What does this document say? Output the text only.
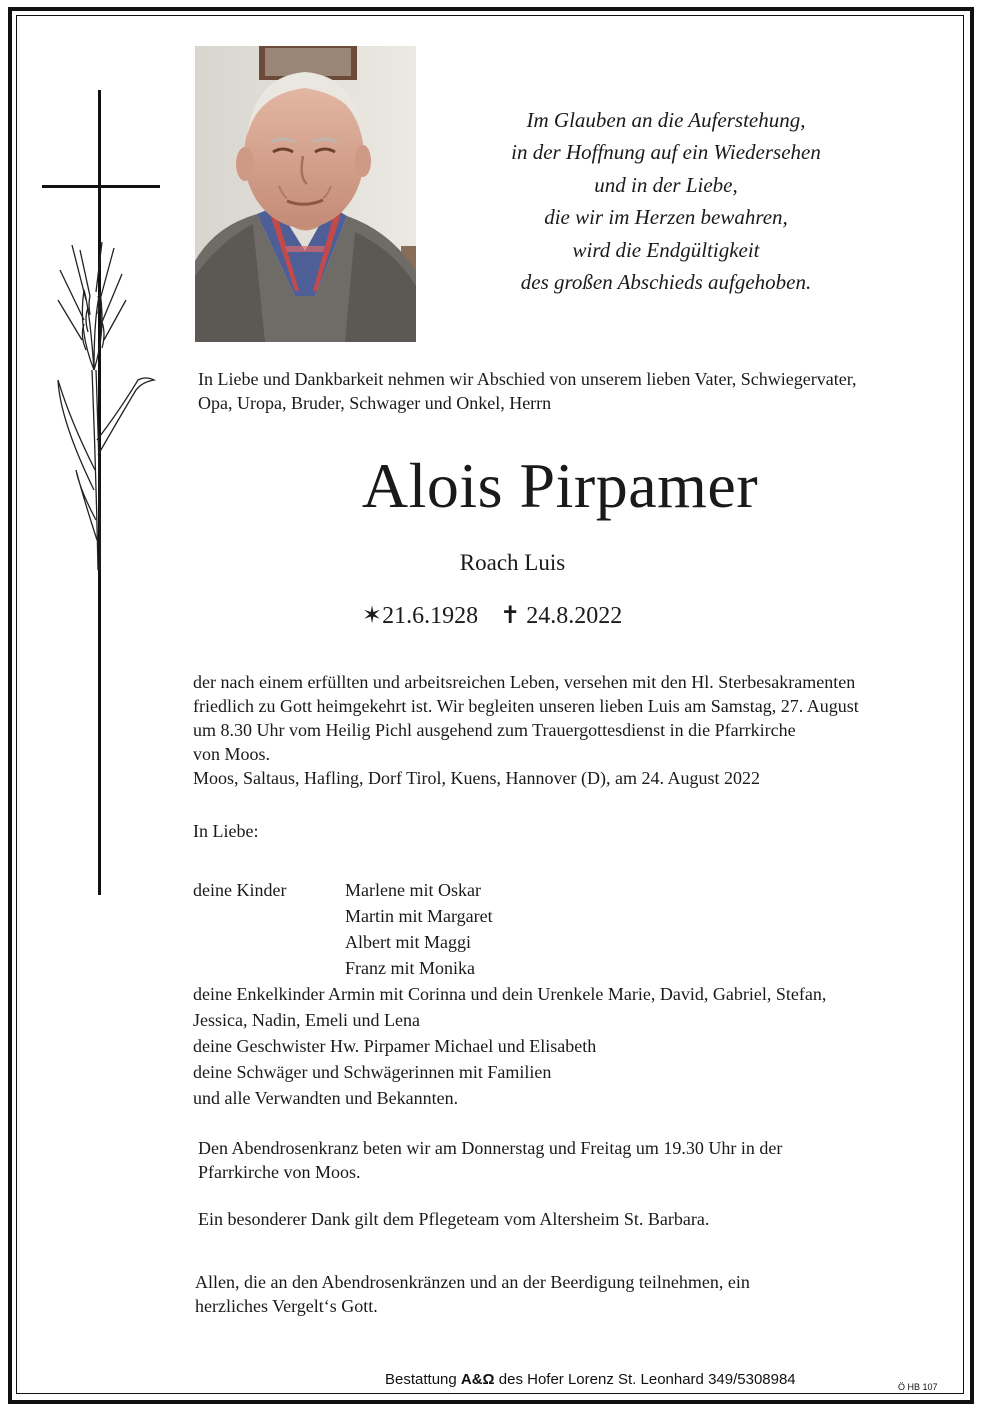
Im Glauben an die Auferstehung,
in der Hoffnung auf ein Wiedersehen
und in der Liebe,
die wir im Herzen bewahren,
wird die Endgültigkeit
des großen Abschieds aufgehoben.
In Liebe und Dankbarkeit nehmen wir Abschied von unserem lieben Vater, Schwiegervater,
Opa, Uropa, Bruder, Schwager und Onkel, Herrn
Alois Pirpamer
Roach Luis
✶21.6.1928 ✝ 24.8.2022

der nach einem erfüllten und arbeitsreichen Leben, versehen mit den Hl. Sterbesakramenten

friedlich zu Gott heimgekehrt ist. Wir begleiten unseren lieben Luis am Samstag, 27. August

um 8.30 Uhr vom Heilig Pichl ausgehend zum Trauergottesdienst in die Pfarrkirche

von Moos.

Moos, Saltaus, Hafling, Dorf Tirol, Kuens, Hannover (D), am 24. August 2022

In Liebe:
deine Kinder	Marlene mit Oskar
Martin mit Margaret
Albert mit Maggi
Franz mit Monika

deine Enkelkinder Armin mit Corinna und dein Urenkele Marie, David, Gabriel, Stefan,

Jessica, Nadin, Emeli und Lena

deine Geschwister Hw. Pirpamer Michael und Elisabeth

deine Schwäger und Schwägerinnen mit Familien

und alle Verwandten und Bekannten.

Den Abendrosenkranz beten wir am Donnerstag und Freitag um 19.30 Uhr in der
Pfarrkirche von Moos.
Ein besonderer Dank gilt dem Pflegeteam vom Altersheim St. Barbara.
Allen, die an den Abendrosenkränzen und an der Beerdigung teilnehmen, ein
herzliches Vergelt‘s Gott.
Bestattung A&Ω des Hofer Lorenz St. Leonhard 349/5308984	Ö HB 107
